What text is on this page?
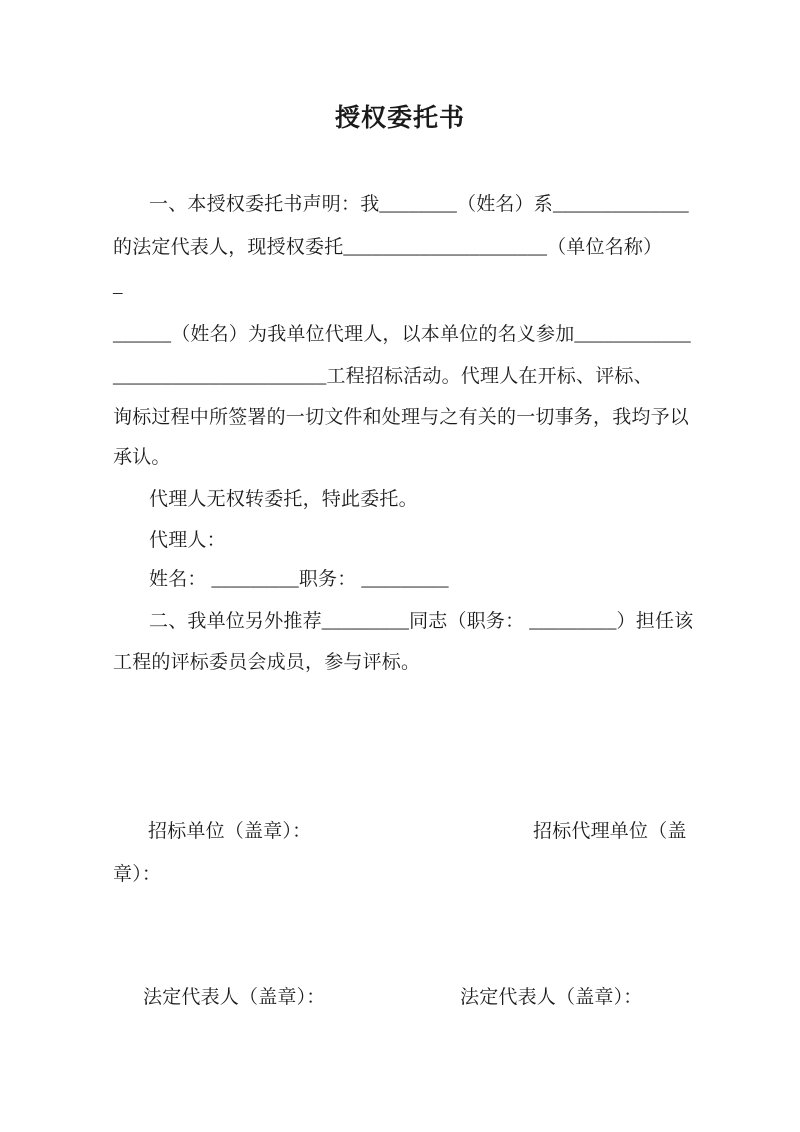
授权委托书
一、本授权委托书声明：我________（姓名）系______________
的法定代表人，现授权委托_____________________（单位名称）
–
______（姓名）为我单位代理人，以本单位的名义参加____________
______________________工程招标活动。代理人在开标、评标、
询标过程中所签署的一切文件和处理与之有关的一切事务，我均予以
承认。
代理人无权转委托，特此委托。
代理人：
姓名： _________职务： _________
二、我单位另外推荐_________同志（职务： _________）担任该
工程的评标委员会成员，参与评标。
招标单位（盖章）：	招标代理单位（盖
章）：
法定代表人（盖章）：	法定代表人（盖章）：
